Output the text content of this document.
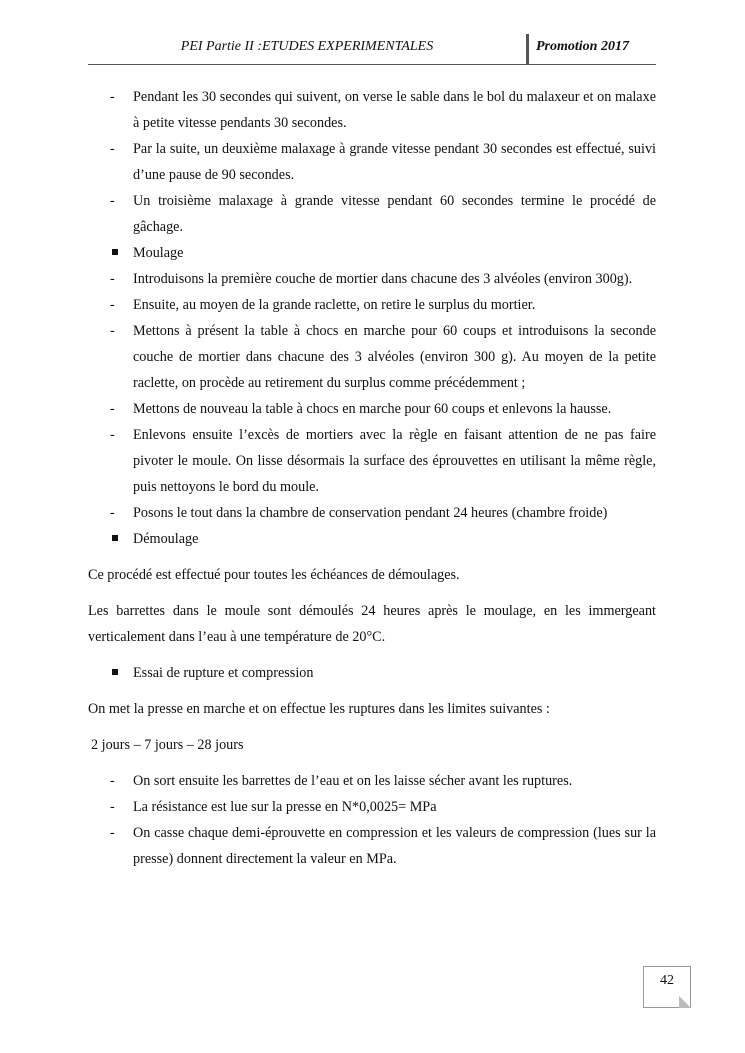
PEI Partie II :ETUDES EXPERIMENTALES	Promotion 2017
-	Pendant les 30 secondes qui suivent, on verse le sable dans le bol du malaxeur et on malaxe à petite vitesse pendants 30 secondes.
-	Par la suite, un deuxième malaxage à grande vitesse pendant 30 secondes est effectué, suivi d’une pause de 90 secondes.
-	Un troisième malaxage à grande vitesse pendant 60 secondes termine le procédé de gâchage.
Moulage
-	Introduisons la première couche de mortier dans chacune des 3 alvéoles (environ 300g).
-	Ensuite, au moyen de la grande raclette, on retire le surplus du mortier.
-	Mettons à présent la table à chocs en marche pour 60 coups et introduisons la seconde couche de mortier dans chacune des 3 alvéoles (environ 300 g). Au moyen de la petite raclette, on procède au retirement du surplus comme précédemment ;
-	Mettons de nouveau la table à chocs en marche pour 60 coups et enlevons la hausse.
-	Enlevons ensuite l’excès de mortiers avec la règle en faisant attention de ne pas faire pivoter le moule. On lisse désormais la surface des éprouvettes en utilisant la même règle, puis nettoyons le bord du moule.
-	Posons le tout dans la chambre de conservation pendant 24 heures (chambre froide)
Démoulage
Ce procédé est effectué pour toutes les échéances de démoulages.
Les barrettes dans le moule sont démoulés 24 heures après le moulage, en les immergeant verticalement dans l’eau à une température de 20°C.
Essai de rupture et compression
On met la presse en marche et on effectue les ruptures dans les limites suivantes :
2 jours – 7 jours – 28 jours
-	On sort ensuite les barrettes de l’eau et on les laisse sécher avant les ruptures.
-	La résistance est lue sur la presse en N*0,0025= MPa
-	On casse chaque demi-éprouvette en compression et les valeurs de compression (lues sur la presse) donnent directement la valeur en MPa.
42
